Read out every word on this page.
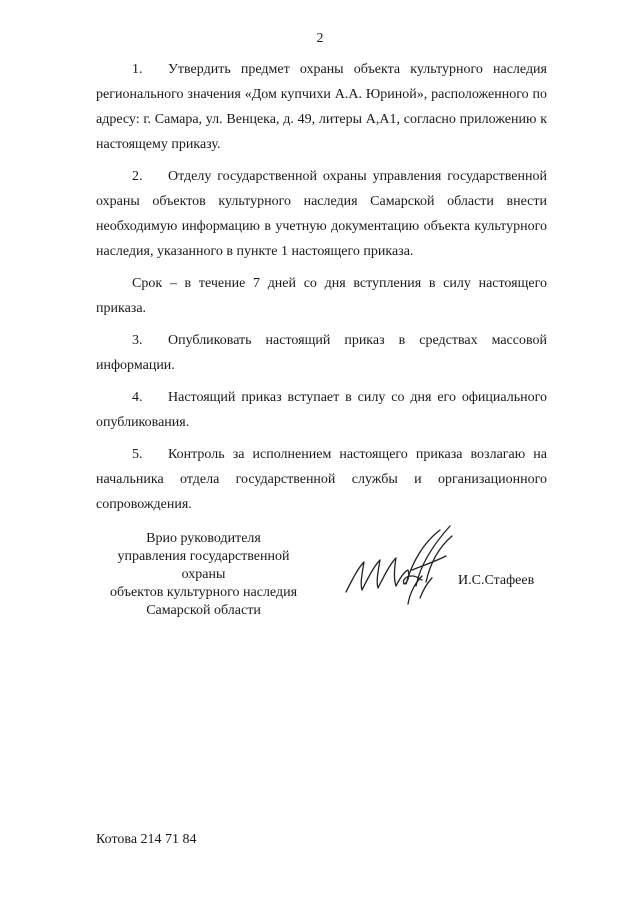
2

1. Утвердить предмет охраны объекта культурного наследия регионального значения «Дом купчихи А.А. Юриной», расположенного по адресу: г. Самара, ул. Венцека, д. 49, литеры А,А1, согласно приложению к настоящему приказу.

2. Отделу государственной охраны управления государственной охраны объектов культурного наследия Самарской области внести необходимую информацию в учетную документацию объекта культурного наследия, указанного в пункте 1 настоящего приказа.

Срок – в течение 7 дней со дня вступления в силу настоящего приказа.

3. Опубликовать настоящий приказ в средствах массовой информации.

4. Настоящий приказ вступает в силу со дня его официального опубликования.

5. Контроль за исполнением настоящего приказа возлагаю на начальника отдела государственной службы и организационного сопровождения.

Врио руководителя
управления государственной охраны
объектов культурного наследия
Самарской области
И.С.Стафеев
Котова 214 71 84
